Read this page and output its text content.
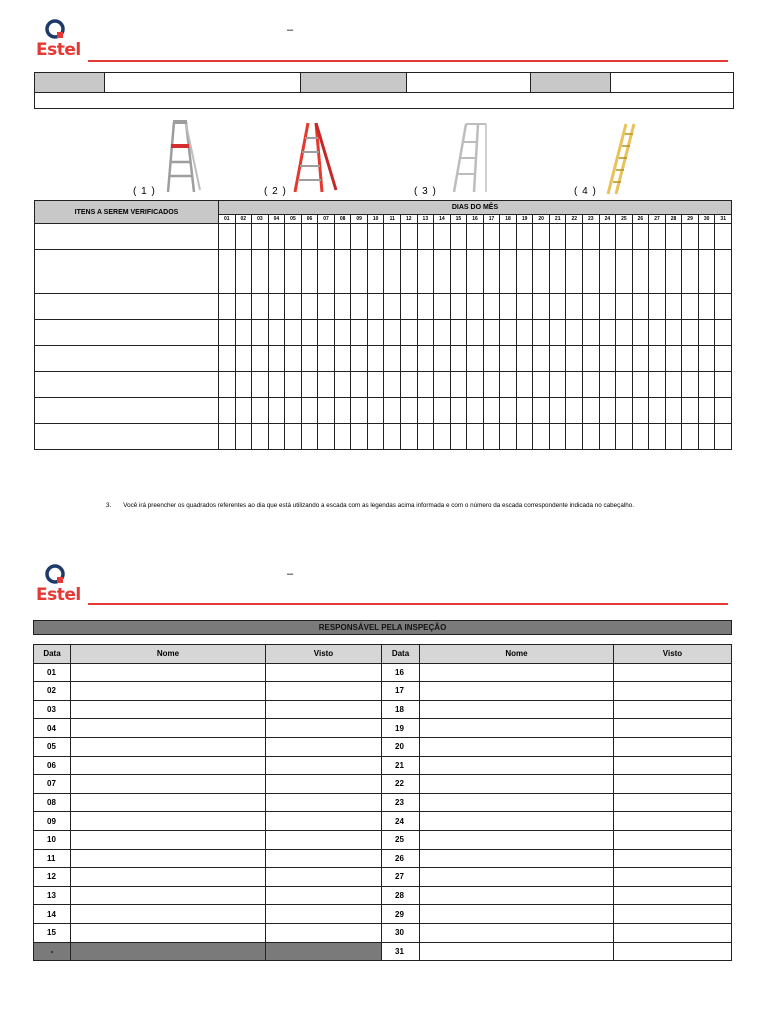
Estel
–

( 1 )	( 2 )	( 3 )	( 4 )
ITENS A SEREM VERIFICADOS	DIAS DO MÊS																														
	01	02	03	04	05	06	07	08	09	10	11	12	13	14	15	16	17	18	19	20	21	22	23	24	25	26	27	28	29	30	31

3. Você irá preencher os quadrados referentes ao dia que está utilizando a escada com as legendas acima informada e com o número da escada correspondente indicada no cabeçalho.
Estel
–
RESPONSÁVEL PELA INSPEÇÃO
Data	Nome	Visto	Data	Nome	Visto
01			16		
02			17		
03			18		
04			19		
05			20		
06			21		
07			22		
08			23		
09			24		
10			25		
11			26		
12			27		
13			28		
14			29		
15			30		
-			31		
